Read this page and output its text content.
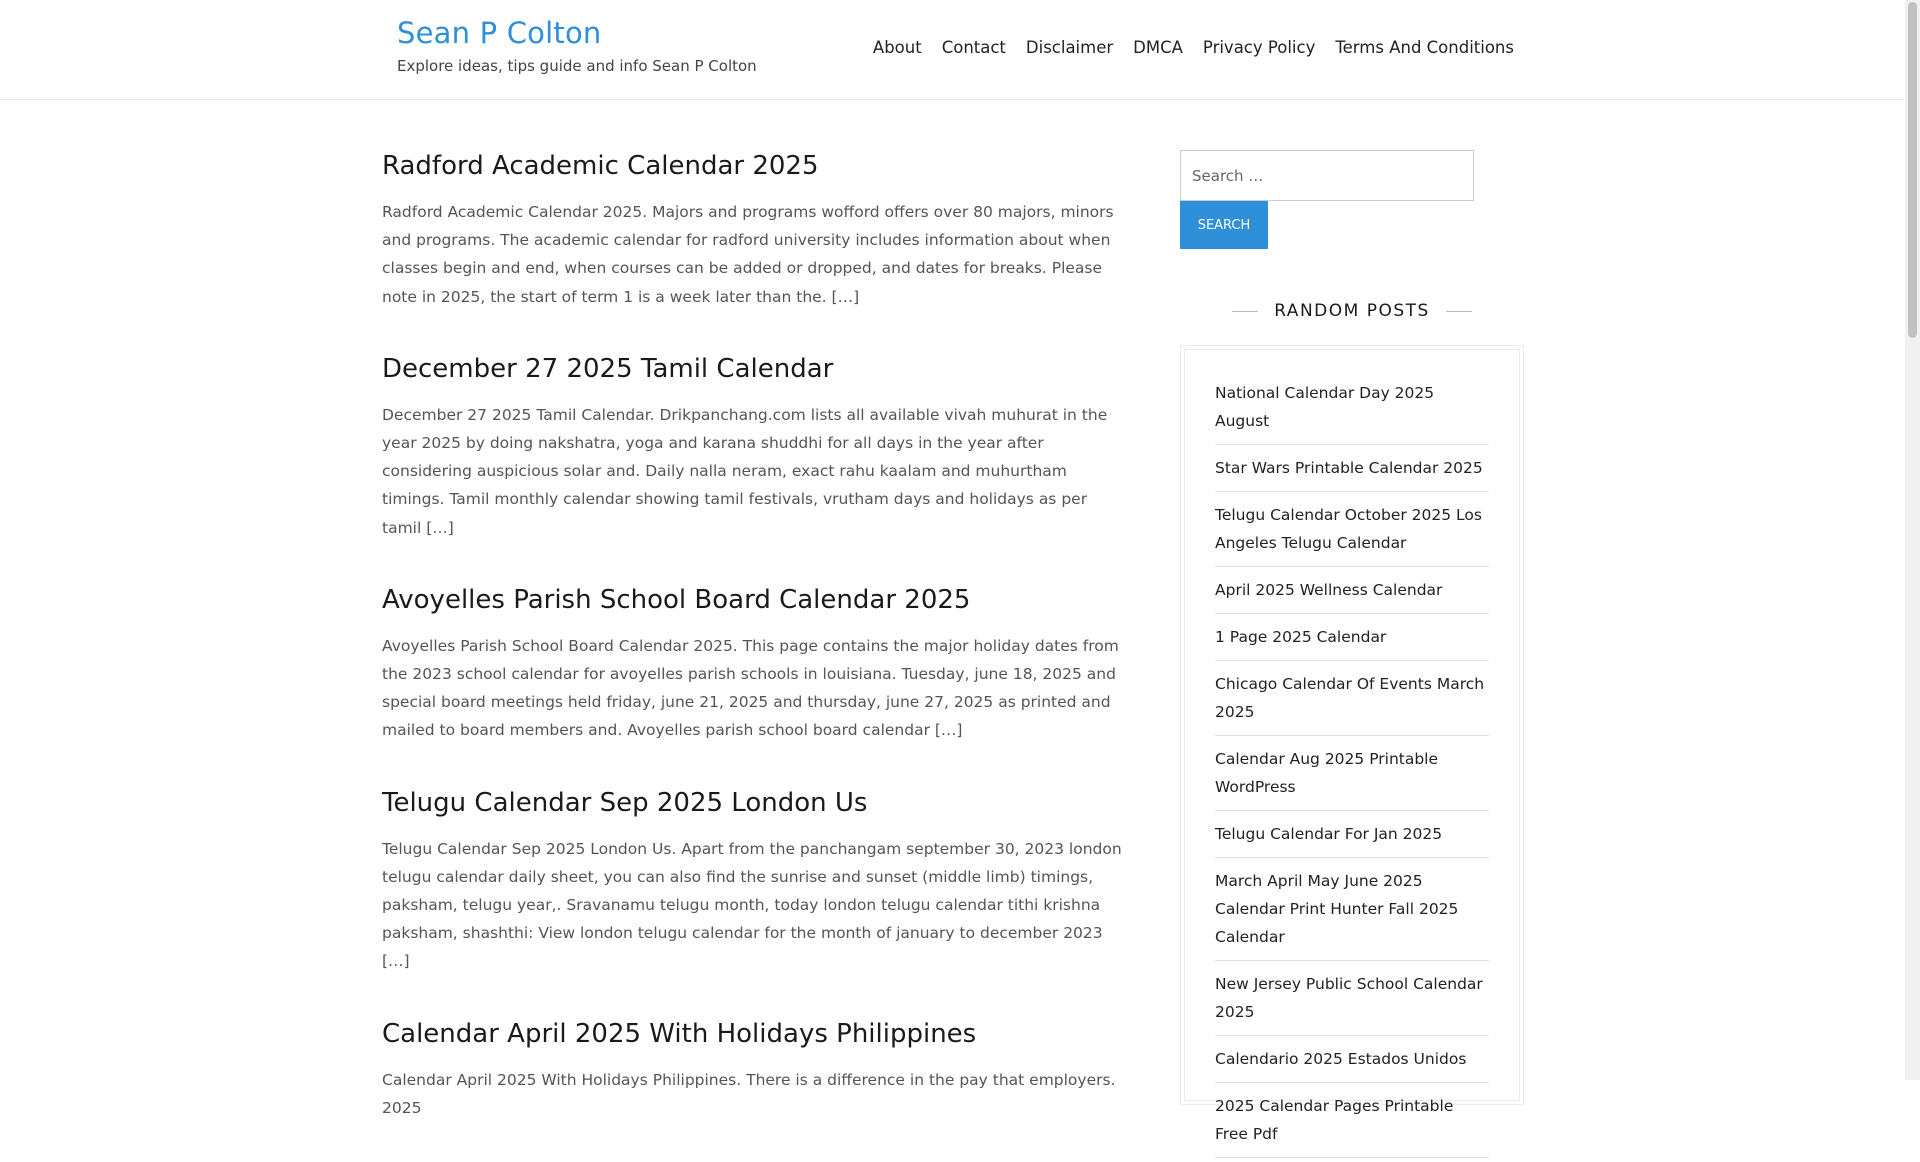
Sean P Colton
Explore ideas, tips guide and info Sean P Colton
About Contact Disclaimer DMCA Privacy Policy Terms And Conditions
Radford Academic Calendar 2025

Radford Academic Calendar 2025. Majors and programs wofford offers over 80 majors, minors and programs. The academic calendar for radford university includes information about when classes begin and end, when courses can be added or dropped, and dates for breaks. Please note in 2025, the start of term 1 is a week later than the. […]

December 27 2025 Tamil Calendar

December 27 2025 Tamil Calendar. Drikpanchang.com lists all available vivah muhurat in the year 2025 by doing nakshatra, yoga and karana shuddhi for all days in the year after considering auspicious solar and. Daily nalla neram, exact rahu kaalam and muhurtham timings. Tamil monthly calendar showing tamil festivals, vrutham days and holidays as per tamil […]

Avoyelles Parish School Board Calendar 2025

Avoyelles Parish School Board Calendar 2025. This page contains the major holiday dates from the 2023 school calendar for avoyelles parish schools in louisiana. Tuesday, june 18, 2025 and special board meetings held friday, june 21, 2025 and thursday, june 27, 2025 as printed and mailed to board members and. Avoyelles parish school board calendar […]

Telugu Calendar Sep 2025 London Us

Telugu Calendar Sep 2025 London Us. Apart from the panchangam september 30, 2023 london telugu calendar daily sheet, you can also find the sunrise and sunset (middle limb) timings, paksham, telugu year,. Sravanamu telugu month, today london telugu calendar tithi krishna paksham, shashthi: View london telugu calendar for the month of january to december 2023 […]

Calendar April 2025 With Holidays Philippines

Calendar April 2025 With Holidays Philippines. There is a difference in the pay that employers. 2025

Search …
SEARCH
RANDOM POSTS
National Calendar Day 2025 August
Star Wars Printable Calendar 2025
Telugu Calendar October 2025 Los Angeles Telugu Calendar
April 2025 Wellness Calendar
1 Page 2025 Calendar
Chicago Calendar Of Events March 2025
Calendar Aug 2025 Printable WordPress
Telugu Calendar For Jan 2025
March April May June 2025 Calendar Print Hunter Fall 2025 Calendar
New Jersey Public School Calendar 2025
Calendario 2025 Estados Unidos
2025 Calendar Pages Printable Free Pdf
